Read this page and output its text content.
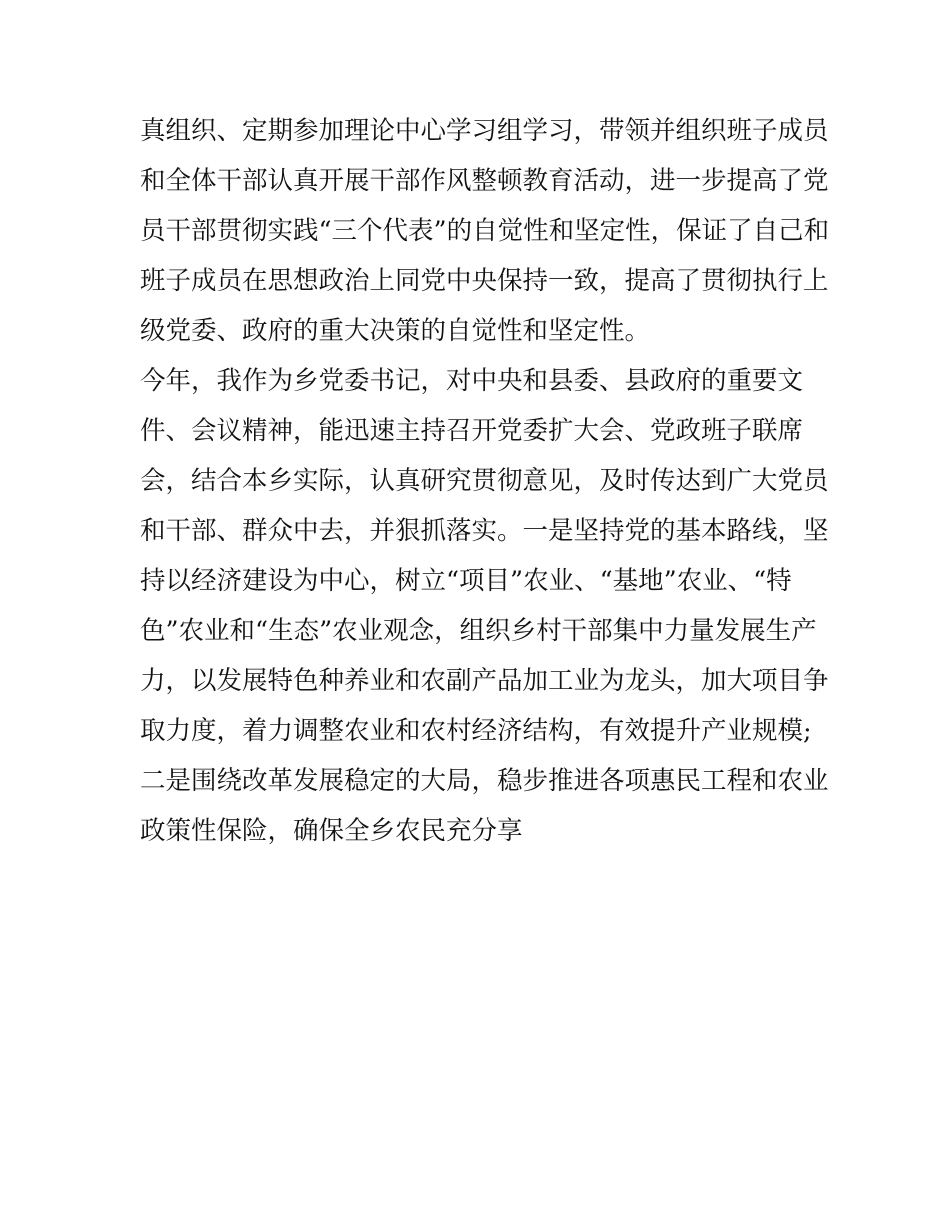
真组织、定期参加理论中心学习组学习，带领并组织班子成员
和全体干部认真开展干部作风整顿教育活动，进一步提高了党
员干部贯彻实践“三个代表”的自觉性和坚定性，保证了自己和
班子成员在思想政治上同党中央保持一致，提高了贯彻执行上
级党委、政府的重大决策的自觉性和坚定性。
今年，我作为乡党委书记，对中央和县委、县政府的重要文
件、会议精神，能迅速主持召开党委扩大会、党政班子联席
会，结合本乡实际，认真研究贯彻意见，及时传达到广大党员
和干部、群众中去，并狠抓落实。一是坚持党的基本路线，坚
持以经济建设为中心，树立“项目”农业、“基地”农业、“特
色”农业和“生态”农业观念，组织乡村干部集中力量发展生产
力，以发展特色种养业和农副产品加工业为龙头，加大项目争
取力度，着力调整农业和农村经济结构，有效提升产业规模;
二是围绕改革发展稳定的大局，稳步推进各项惠民工程和农业
政策性保险，确保全乡农民充分享
